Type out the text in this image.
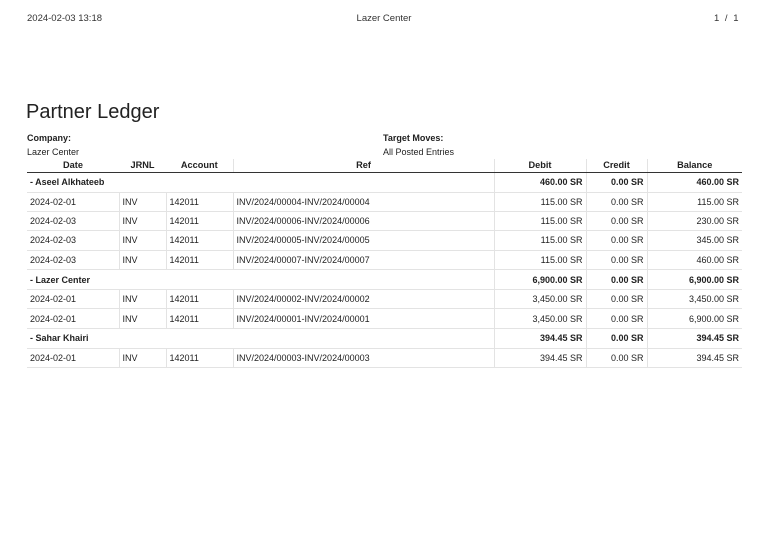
2024-02-03 13:18	Lazer Center	1 / 1
Partner Ledger
Company:
Lazer Center
Target Moves:
All Posted Entries
Date	JRNL	Account	Ref	Debit	Credit	Balance
- Aseel Alkhateeb				460.00 SR	0.00 SR	460.00 SR
2024-02-01	INV	142011	INV/2024/00004-INV/2024/00004	115.00 SR	0.00 SR	115.00 SR
2024-02-03	INV	142011	INV/2024/00006-INV/2024/00006	115.00 SR	0.00 SR	230.00 SR
2024-02-03	INV	142011	INV/2024/00005-INV/2024/00005	115.00 SR	0.00 SR	345.00 SR
2024-02-03	INV	142011	INV/2024/00007-INV/2024/00007	115.00 SR	0.00 SR	460.00 SR
- Lazer Center				6,900.00 SR	0.00 SR	6,900.00 SR
2024-02-01	INV	142011	INV/2024/00002-INV/2024/00002	3,450.00 SR	0.00 SR	3,450.00 SR
2024-02-01	INV	142011	INV/2024/00001-INV/2024/00001	3,450.00 SR	0.00 SR	6,900.00 SR
- Sahar Khairi				394.45 SR	0.00 SR	394.45 SR
2024-02-01	INV	142011	INV/2024/00003-INV/2024/00003	394.45 SR	0.00 SR	394.45 SR
